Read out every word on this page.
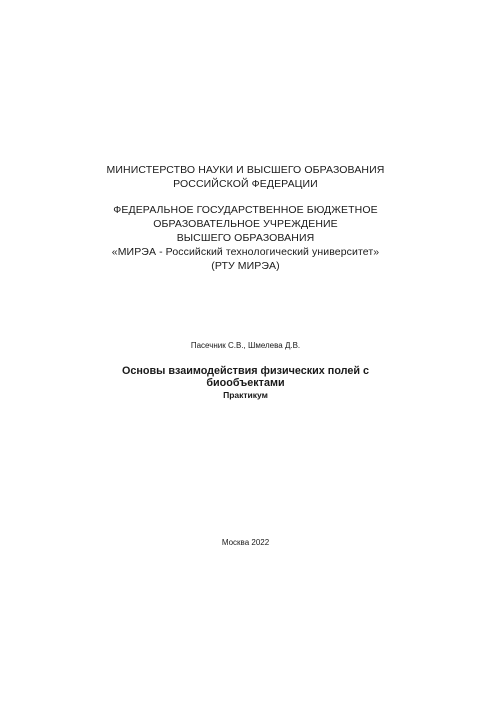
МИНИСТЕРСТВО НАУКИ И ВЫСШЕГО ОБРАЗОВАНИЯ
РОССИЙСКОЙ ФЕДЕРАЦИИ
ФЕДЕРАЛЬНОЕ ГОСУДАРСТВЕННОЕ БЮДЖЕТНОЕ
ОБРАЗОВАТЕЛЬНОЕ УЧРЕЖДЕНИЕ
ВЫСШЕГО ОБРАЗОВАНИЯ
«МИРЭА - Российский технологический университет»
(РТУ МИРЭА)
Пасечник С.В., Шмелева Д.В.
Основы взаимодействия физических полей с
биообъектами
Практикум
Москва 2022
